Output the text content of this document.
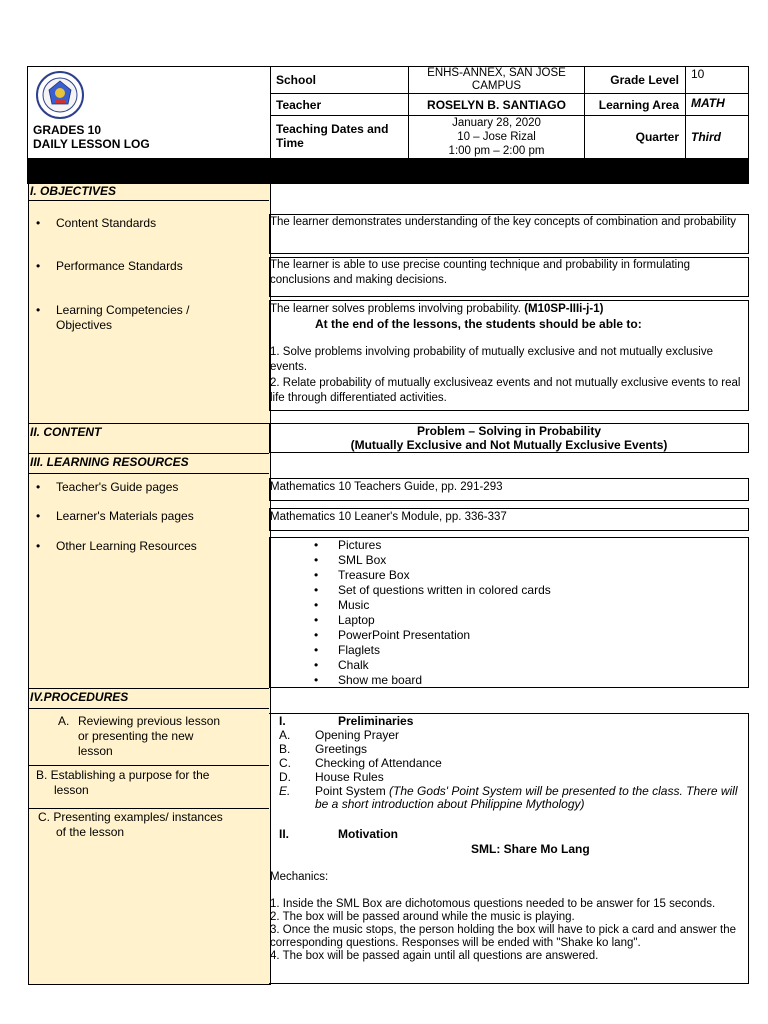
GRADES 10
DAILY LESSON LOG
School	ENHS-ANNEX, SAN JOSE CAMPUS	Grade Level 10
Teacher	ROSELYN B. SANTIAGO	Learning Area MATH
Teaching Dates and Time
January 28, 2020
10 – Jose Rizal
1:00 pm – 2:00 pm
Quarter Third
I. OBJECTIVES
• Content Standards	The learner demonstrates understanding of the key concepts of combination and probability
• Performance Standards	The learner is able to use precise counting technique and probability in formulating conclusions and making decisions.
• Learning Competencies /
Objectives
The learner solves problems involving probability. (M10SP-IIIi-j-1)
At the end of the lessons, the students should be able to:
1. Solve problems involving probability of mutually exclusive and not mutually exclusive events.
2. Relate probability of mutually exclusiveaz events and not mutually exclusive events to real life through differentiated activities.
II. CONTENT	Problem – Solving in Probability
(Mutually Exclusive and Not Mutually Exclusive Events)
III. LEARNING RESOURCES
• Teacher's Guide pages	Mathematics 10 Teachers Guide, pp. 291-293
• Learner's Materials pages	Mathematics 10 Leaner's Module, pp. 336-337
• Other Learning Resources
•	Pictures
• SML Box
• Treasure Box
• Set of questions written in colored cards
• Music
• Laptop
• PowerPoint Presentation
• Flaglets
• Chalk
• Show me board
IV.PROCEDURES
A. Reviewing previous lesson
or presenting the new
lesson
B. Establishing a purpose for the
lesson
C. Presenting examples/ instances
of the lesson
I.	Preliminaries
A. Opening Prayer
B. Greetings
C. Checking of Attendance
D. House Rules
E. Point System (The Gods' Point System will be presented to the class. There will be a short introduction about Philippine Mythology)
II.	Motivation
SML: Share Mo Lang
Mechanics:
1. Inside the SML Box are dichotomous questions needed to be answer for 15 seconds.
2. The box will be passed around while the music is playing.
3. Once the music stops, the person holding the box will have to pick a card and answer the corresponding questions. Responses will be ended with "Shake ko lang".
4. The box will be passed again until all questions are answered.
